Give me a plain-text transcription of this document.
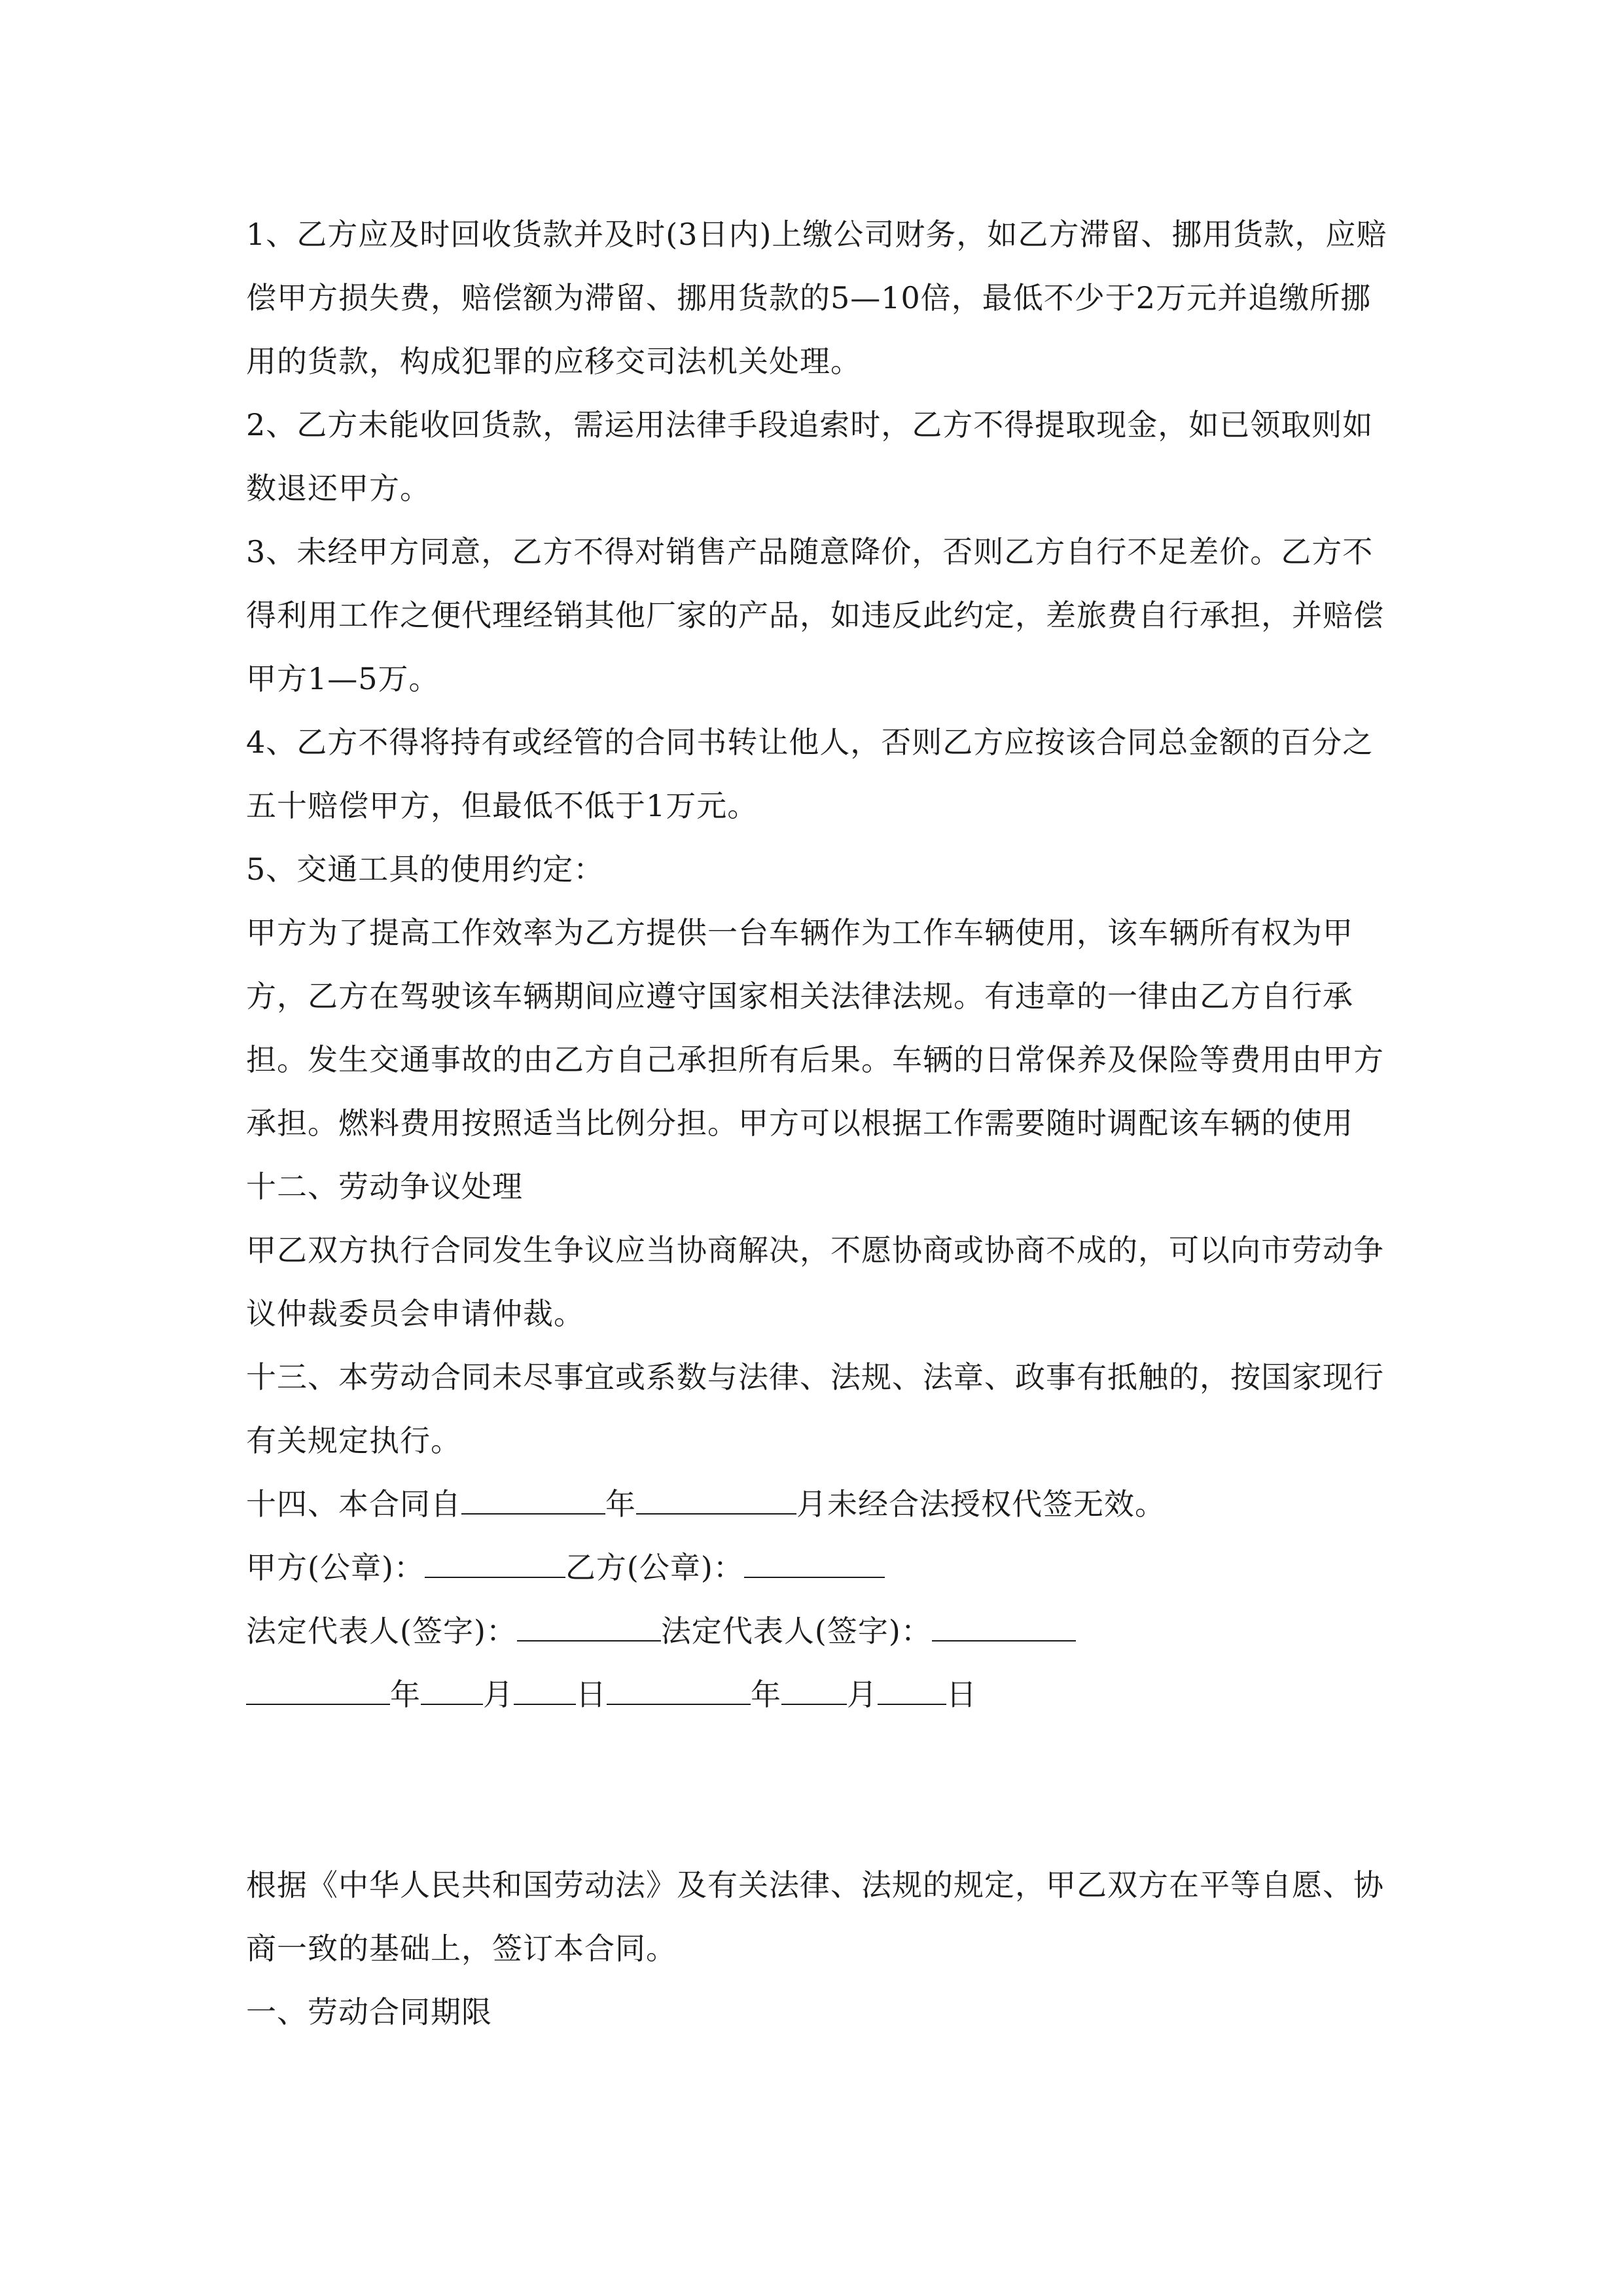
1、乙方应及时回收货款并及时(3日内)上缴公司财务，如乙方滞留、挪用货款，应赔偿甲方损失费，赔偿额为滞留、挪用货款的5—10倍，最低不少于2万元并追缴所挪用的货款，构成犯罪的应移交司法机关处理。

2、乙方未能收回货款，需运用法律手段追索时，乙方不得提取现金，如已领取则如数退还甲方。

3、未经甲方同意，乙方不得对销售产品随意降价，否则乙方自行不足差价。乙方不得利用工作之便代理经销其他厂家的产品，如违反此约定，差旅费自行承担，并赔偿甲方1—5万。

4、乙方不得将持有或经管的合同书转让他人，否则乙方应按该合同总金额的百分之五十赔偿甲方，但最低不低于1万元。

5、交通工具的使用约定：

甲方为了提高工作效率为乙方提供一台车辆作为工作车辆使用，该车辆所有权为甲方，乙方在驾驶该车辆期间应遵守国家相关法律法规。有违章的一律由乙方自行承担。发生交通事故的由乙方自己承担所有后果。车辆的日常保养及保险等费用由甲方承担。燃料费用按照适当比例分担。甲方可以根据工作需要随时调配该车辆的使用

十二、劳动争议处理

甲乙双方执行合同发生争议应当协商解决，不愿协商或协商不成的，可以向市劳动争议仲裁委员会申请仲裁。

十三、本劳动合同未尽事宜或系数与法律、法规、法章、政事有抵触的，按国家现行有关规定执行。

十四、本合同自	年	月未经合法授权代签无效。

甲方(公章)：	乙方(公章)：

法定代表人(签字)：	法定代表人(签字)：

年 月 日	年 月 日

根据《中华人民共和国劳动法》及有关法律、法规的规定，甲乙双方在平等自愿、协商一致的基础上，签订本合同。

一、劳动合同期限
